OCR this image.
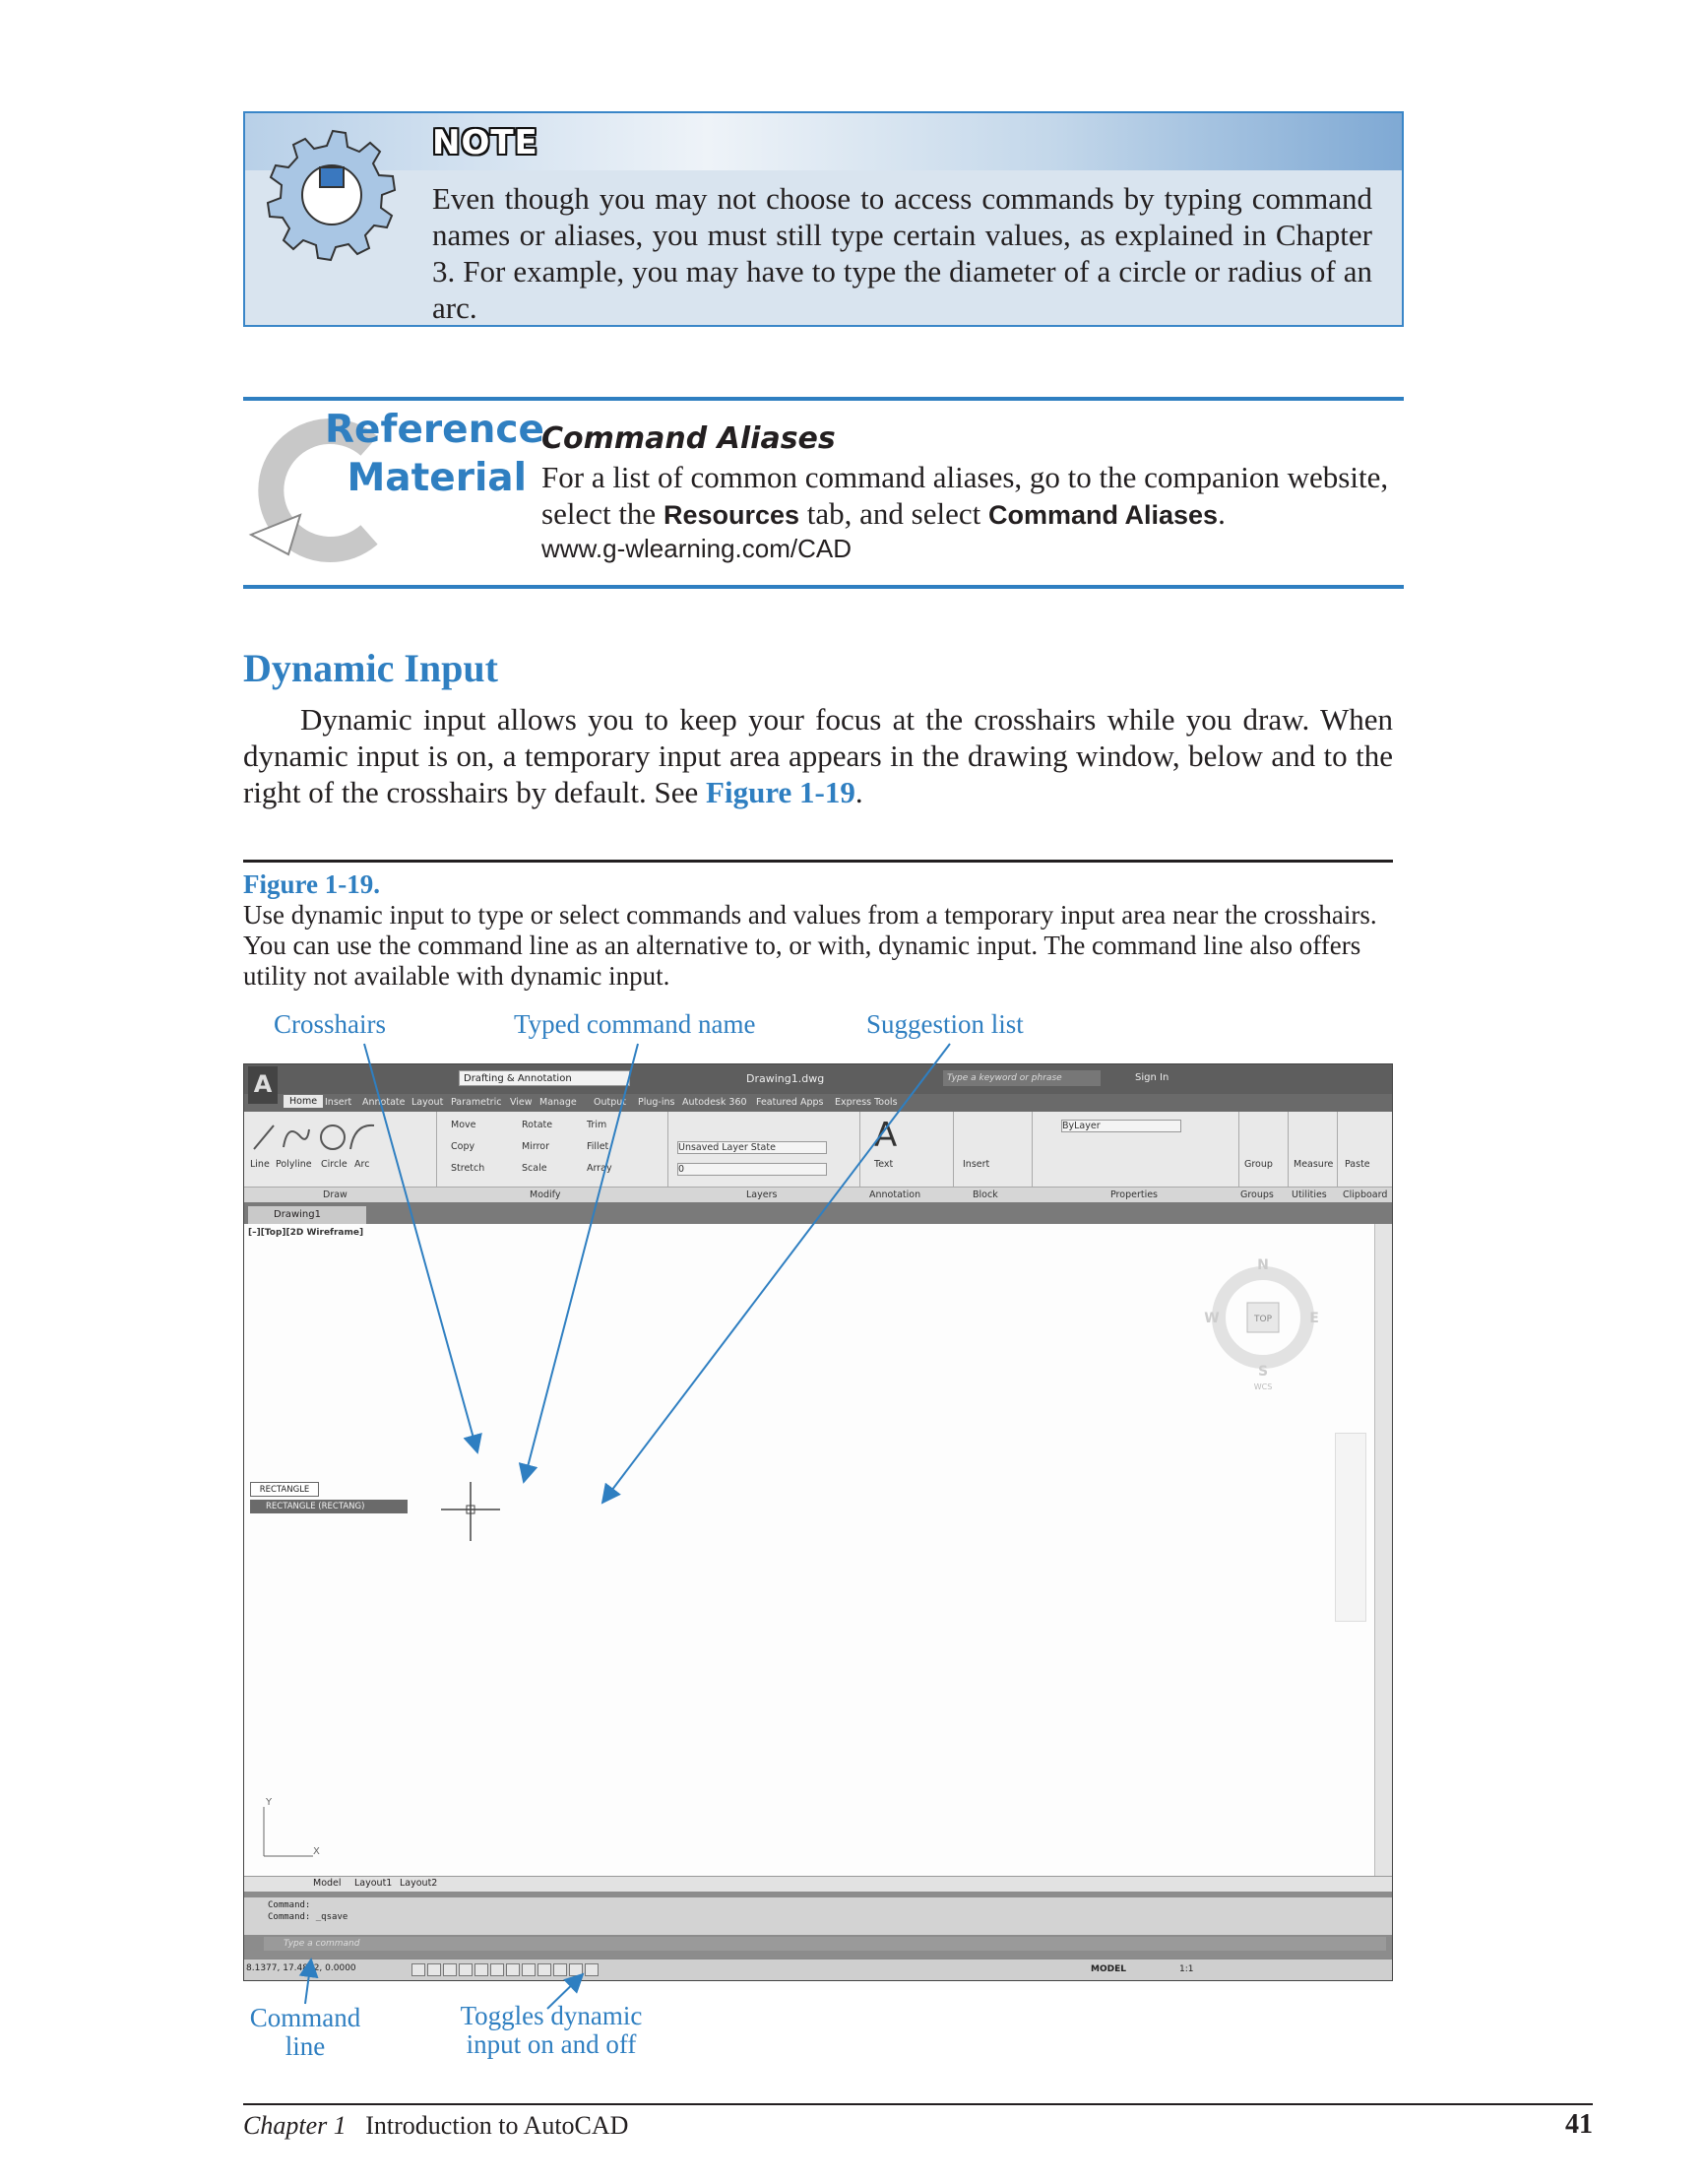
NOTE
Even though you may not choose to access commands by typing command names or aliases, you must still type certain values, as explained in Chapter 3. For example, you may have to type the diameter of a circle or radius of an arc.
Reference
Material
Command Aliases
For a list of common command aliases, go to the companion website, select the Resources tab, and select Command Aliases.
www.g-wlearning.com/CAD
Dynamic Input
Dynamic input allows you to keep your focus at the crosshairs while you draw. When dynamic input is on, a temporary input area appears in the drawing window, below and to the right of the crosshairs by default. See Figure 1-19.
Figure 1-19.
Use dynamic input to type or select commands and values from a temporary input area near the crosshairs. You can use the command line as an alternative to, or with, dynamic input. The command line also offers utility not available with dynamic input.
Crosshairs	Typed command name	Suggestion list
Command line
Toggles dynamic input on and off
Drafting & Annotation	Drawing1.dwg	Type a keyword or phrase	Sign In
Home Insert Annotate Layout Parametric View Manage Output Plug-ins Autodesk 360 Featured Apps Express Tools
A
Line Polyline Circle Arc
Move	Rotate	Trim
Copy	Mirror	Fillet
Stretch	Scale	Array
Unsaved Layer State
0
A
Text	Insert
ByLayer
Group Measure Paste
Draw	Modify	Layers	Annotation	Block	Properties	Groups Utilities Clipboard
Drawing1
[–][Top][2D Wireframe]
TOP
N
S
E
W
WCS
Y
X
Model Layout1 Layout2
Command:
Command: _qsave
Type a command
8.1377, 17.4802, 0.0000	MODEL	1:1
RECTANGLE
RECTANGLE (RECTANG)
Chapter 1 Introduction to AutoCAD	41
